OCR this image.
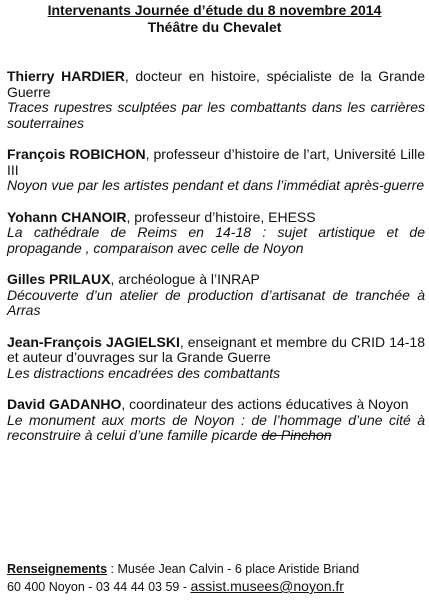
Intervenants Journée d’étude du 8 novembre 2014
Théâtre du Chevalet
Thierry HARDIER, docteur en histoire, spécialiste de la Grande Guerre
Traces rupestres sculptées par les combattants dans les carrières souterraines
François ROBICHON, professeur d’histoire de l’art, Université Lille III
Noyon vue par les artistes pendant et dans l’immédiat après-guerre
Yohann CHANOIR, professeur d’histoire, EHESS
La cathédrale de Reims en 14-18 : sujet artistique et de propagande , comparaison avec celle de Noyon
Gilles PRILAUX, archéologue à l’INRAP
Découverte d’un atelier de production d’artisanat de tranchée à Arras
Jean-François JAGIELSKI, enseignant et membre du CRID 14-18 et auteur d’ouvrages sur la Grande Guerre
Les distractions encadrées des combattants
David GADANHO, coordinateur des actions éducatives à Noyon
Le monument aux morts de Noyon : de l’hommage d’une cité à reconstruire à celui d’une famille picarde de Pinchon
Renseignements : Musée Jean Calvin - 6 place Aristide Briand
60 400 Noyon - 03 44 44 03 59 - assist.musees@noyon.fr
